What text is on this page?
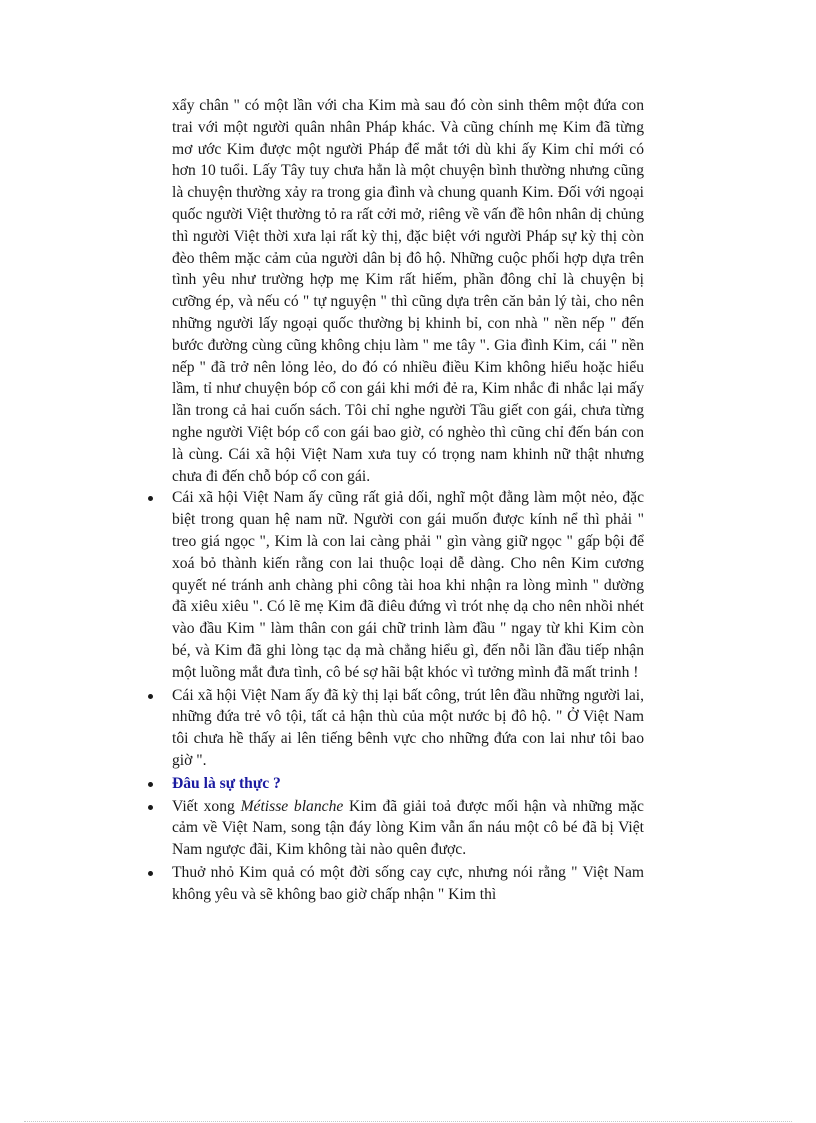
xẩy chân " có một lần với cha Kim mà sau đó còn sinh thêm một đứa con trai với một người quân nhân Pháp khác. Và cũng chính mẹ Kim đã từng mơ ước Kim được một người Pháp để mắt tới dù khi ấy Kim chỉ mới có hơn 10 tuổi. Lấy Tây tuy chưa hẳn là một chuyện bình thường nhưng cũng là chuyện thường xảy ra trong gia đình và chung quanh Kim. Đối với ngoại quốc người Việt thường tỏ ra rất cởi mở, riêng về vấn đề hôn nhân dị chủng thì người Việt thời xưa lại rất kỳ thị, đặc biệt với người Pháp sự kỳ thị còn đèo thêm mặc cảm của người dân bị đô hộ. Những cuộc phối hợp dựa trên tình yêu như trường hợp mẹ Kim rất hiếm, phần đông chỉ là chuyện bị cưỡng ép, và nếu có " tự nguyện " thì cũng dựa trên căn bản lý tài, cho nên những người lấy ngoại quốc thường bị khinh bỉ, con nhà " nền nếp " đến bước đường cùng cũng không chịu làm " me tây ". Gia đình Kim, cái " nền nếp " đã trở nên lỏng lẻo, do đó có nhiều điều Kim không hiểu hoặc hiểu lầm, tỉ như chuyện bóp cổ con gái khi mới đẻ ra, Kim nhắc đi nhắc lại mấy lần trong cả hai cuốn sách. Tôi chỉ nghe người Tầu giết con gái, chưa từng nghe người Việt bóp cổ con gái bao giờ, có nghèo thì cũng chỉ đến bán con là cùng. Cái xã hội Việt Nam xưa tuy có trọng nam khinh nữ thật nhưng chưa đi đến chỗ bóp cổ con gái.

Cái xã hội Việt Nam ấy cũng rất giả dối, nghĩ một đằng làm một nẻo, đặc biệt trong quan hệ nam nữ. Người con gái muốn được kính nể thì phải " treo giá ngọc ", Kim là con lai càng phải " gìn vàng giữ ngọc " gấp bội để xoá bỏ thành kiến rằng con lai thuộc loại dễ dàng. Cho nên Kim cương quyết né tránh anh chàng phi công tài hoa khi nhận ra lòng mình " dường đã xiêu xiêu ". Có lẽ mẹ Kim đã điêu đứng vì trót nhẹ dạ cho nên nhồi nhét vào đầu Kim " làm thân con gái chữ trinh làm đầu " ngay từ khi Kim còn bé, và Kim đã ghi lòng tạc dạ mà chẳng hiểu gì, đến nỗi lần đầu tiếp nhận một luồng mắt đưa tình, cô bé sợ hãi bật khóc vì tưởng mình đã mất trinh !
Cái xã hội Việt Nam ấy đã kỳ thị lại bất công, trút lên đầu những người lai, những đứa trẻ vô tội, tất cả hận thù của một nước bị đô hộ. " Ở Việt Nam tôi chưa hề thấy ai lên tiếng bênh vực cho những đứa con lai như tôi bao giờ ".
Đâu là sự thực ?
Viết xong Métisse blanche Kim đã giải toả được mối hận và những mặc cảm về Việt Nam, song tận đáy lòng Kim vẫn ẩn náu một cô bé đã bị Việt Nam ngược đãi, Kim không tài nào quên được.
Thuở nhỏ Kim quả có một đời sống cay cực, nhưng nói rằng " Việt Nam không yêu và sẽ không bao giờ chấp nhận " Kim thì
